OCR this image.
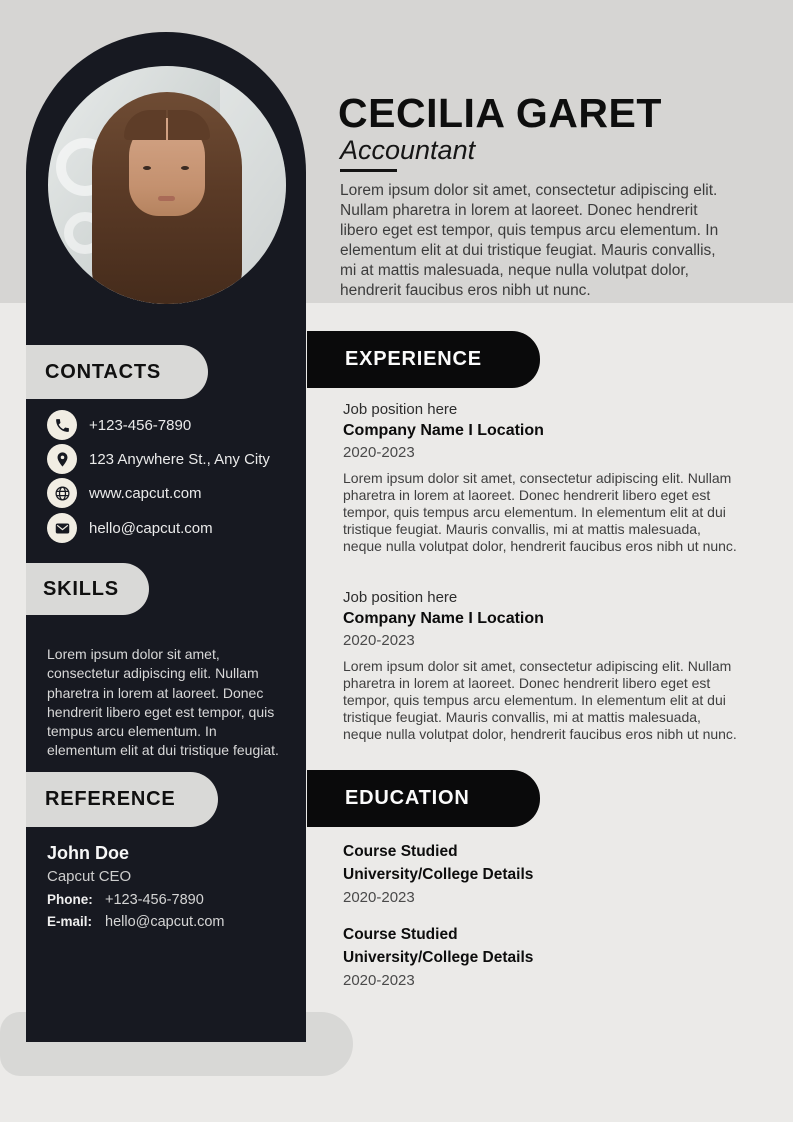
CECILIA GARET
Accountant
Lorem ipsum dolor sit amet, consectetur adipiscing elit. Nullam pharetra in lorem at laoreet. Donec hendrerit libero eget est tempor, quis tempus arcu elementum. In elementum elit at dui tristique feugiat. Mauris convallis, mi at mattis malesuada, neque nulla volutpat dolor, hendrerit faucibus eros nibh ut nunc.
CONTACTS
+123-456-7890
123 Anywhere St., Any City
www.capcut.com
hello@capcut.com
SKILLS
Lorem ipsum dolor sit amet, consectetur adipiscing elit. Nullam pharetra in lorem at laoreet. Donec hendrerit libero eget est tempor, quis tempus arcu elementum. In elementum elit at dui tristique feugiat.
REFERENCE
John Doe
Capcut CEO
Phone: +123-456-7890
E-mail: hello@capcut.com
EXPERIENCE
Job position here
Company Name I Location
2020-2023
Lorem ipsum dolor sit amet, consectetur adipiscing elit. Nullam pharetra in lorem at laoreet. Donec hendrerit libero eget est tempor, quis tempus arcu elementum. In elementum elit at dui tristique feugiat. Mauris convallis, mi at mattis malesuada, neque nulla volutpat dolor, hendrerit faucibus eros nibh ut nunc.
Job position here
Company Name I Location
2020-2023
Lorem ipsum dolor sit amet, consectetur adipiscing elit. Nullam pharetra in lorem at laoreet. Donec hendrerit libero eget est tempor, quis tempus arcu elementum. In elementum elit at dui tristique feugiat. Mauris convallis, mi at mattis malesuada, neque nulla volutpat dolor, hendrerit faucibus eros nibh ut nunc.
EDUCATION
Course Studied
University/College Details
2020-2023
Course Studied
University/College Details
2020-2023
